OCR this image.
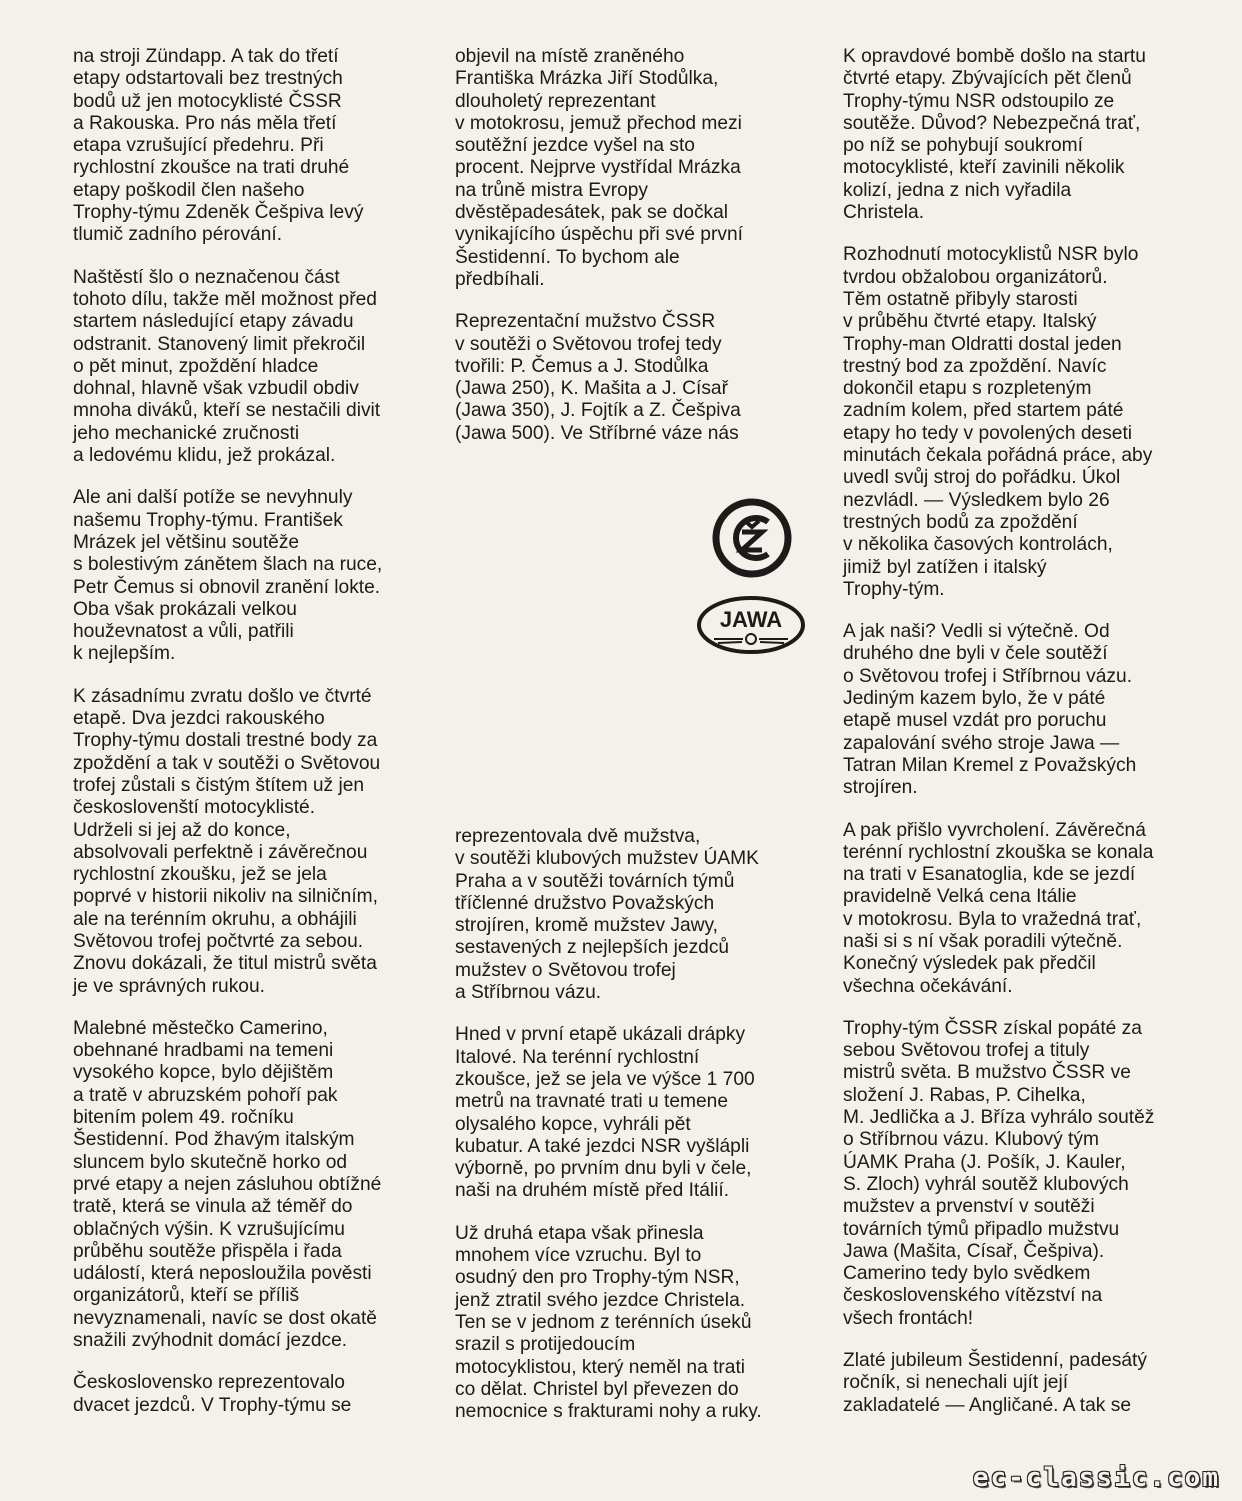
na stroji Zündapp. A tak do třetí
etapy odstartovali bez trestných
bodů už jen motocyklisté ČSSR
a Rakouska. Pro nás měla třetí
etapa vzrušující předehru. Při
rychlostní zkoušce na trati druhé
etapy poškodil člen našeho
Trophy-týmu Zdeněk Češpiva levý
tlumič zadního pérování.

Naštěstí šlo o neznačenou část
tohoto dílu, takže měl možnost před
startem následující etapy závadu
odstranit. Stanovený limit překročil
o pět minut, zpoždění hladce
dohnal, hlavně však vzbudil obdiv
mnoha diváků, kteří se nestačili divit
jeho mechanické zručnosti
a ledovému klidu, jež prokázal.

Ale ani další potíže se nevyhnuly
našemu Trophy-týmu. František
Mrázek jel většinu soutěže
s bolestivým zánětem šlach na ruce,
Petr Čemus si obnovil zranění lokte.
Oba však prokázali velkou
houževnatost a vůli, patřili
k nejlepším.

K zásadnímu zvratu došlo ve čtvrté
etapě. Dva jezdci rakouského
Trophy-týmu dostali trestné body za
zpoždění a tak v soutěži o Světovou
trofej zůstali s čistým štítem už jen
českoslovenští motocyklisté.
Udrželi si jej až do konce,
absolvovali perfektně i závěrečnou
rychlostní zkoušku, jež se jela
poprvé v historii nikoliv na silničním,
ale na terénním okruhu, a obhájili
Světovou trofej počtvrté za sebou.
Znovu dokázali, že titul mistrů světa
je ve správných rukou.

Malebné městečko Camerino,
obehnané hradbami na temeni
vysokého kopce, bylo dějištěm
a tratě v abruzském pohoří pak
bitením polem 49. ročníku
Šestidenní. Pod žhavým italským
sluncem bylo skutečně horko od
prvé etapy a nejen zásluhou obtížné
tratě, která se vinula až téměř do
oblačných výšin. K vzrušujícímu
průběhu soutěže přispěla i řada
událostí, která neposloužila pověsti
organizátorů, kteří se příliš
nevyznamenali, navíc se dost okatě
snažili zvýhodnit domácí jezdce.

Československo reprezentovalo
dvacet jezdců. V Trophy-týmu se

objevil na místě zraněného
Františka Mrázka Jiří Stodůlka,
dlouholetý reprezentant
v motokrosu, jemuž přechod mezi
soutěžní jezdce vyšel na sto
procent. Nejprve vystřídal Mrázka
na trůně mistra Evropy
dvěstěpadesátek, pak se dočkal
vynikajícího úspěchu při své první
Šestidenní. To bychom ale
předbíhali.

Reprezentační mužstvo ČSSR
v soutěži o Světovou trofej tedy
tvořili: P. Čemus a J. Stodůlka
(Jawa 250), K. Mašita a J. Císař
(Jawa 350), J. Fojtík a Z. Češpiva
(Jawa 500). Ve Stříbrné váze nás

JAWA

reprezentovala dvě mužstva,
v soutěži klubových mužstev ÚAMK
Praha a v soutěži továrních týmů
tříčlenné družstvo Považských
strojíren, kromě mužstev Jawy,
sestavených z nejlepších jezdců
mužstev o Světovou trofej
a Stříbrnou vázu.

Hned v první etapě ukázali drápky
Italové. Na terénní rychlostní
zkoušce, jež se jela ve výšce 1 700
metrů na travnaté trati u temene
olysalého kopce, vyhráli pět
kubatur. A také jezdci NSR vyšlápli
výborně, po prvním dnu byli v čele,
naši na druhém místě před Itálií.

Už druhá etapa však přinesla
mnohem více vzruchu. Byl to
osudný den pro Trophy-tým NSR,
jenž ztratil svého jezdce Christela.
Ten se v jednom z terénních úseků
srazil s protijedoucím
motocyklistou, který neměl na trati
co dělat. Christel byl převezen do
nemocnice s frakturami nohy a ruky.

K opravdové bombě došlo na startu
čtvrté etapy. Zbývajících pět členů
Trophy-týmu NSR odstoupilo ze
soutěže. Důvod? Nebezpečná trať,
po níž se pohybují soukromí
motocyklisté, kteří zavinili několik
kolizí, jedna z nich vyřadila
Christela.

Rozhodnutí motocyklistů NSR bylo
tvrdou obžalobou organizátorů.
Těm ostatně přibyly starosti
v průběhu čtvrté etapy. Italský
Trophy-man Oldratti dostal jeden
trestný bod za zpoždění. Navíc
dokončil etapu s rozpleteným
zadním kolem, před startem páté
etapy ho tedy v povolených deseti
minutách čekala pořádná práce, aby
uvedl svůj stroj do pořádku. Úkol
nezvládl. — Výsledkem bylo 26
trestných bodů za zpoždění
v několika časových kontrolách,
jimiž byl zatížen i italský
Trophy-tým.

A jak naši? Vedli si výtečně. Od
druhého dne byli v čele soutěží
o Světovou trofej i Stříbrnou vázu.
Jediným kazem bylo, že v páté
etapě musel vzdát pro poruchu
zapalování svého stroje Jawa —
Tatran Milan Kremel z Považských
strojíren.

A pak přišlo vyvrcholení. Závěrečná
terénní rychlostní zkouška se konala
na trati v Esanatoglia, kde se jezdí
pravidelně Velká cena Itálie
v motokrosu. Byla to vražedná trať,
naši si s ní však poradili výtečně.
Konečný výsledek pak předčil
všechna očekávání.

Trophy-tým ČSSR získal popáté za
sebou Světovou trofej a tituly
mistrů světa. B mužstvo ČSSR ve
složení J. Rabas, P. Cihelka,
M. Jedlička a J. Bříza vyhrálo soutěž
o Stříbrnou vázu. Klubový tým
ÚAMK Praha (J. Pošík, J. Kauler,
S. Zloch) vyhrál soutěž klubových
mužstev a prvenství v soutěži
továrních týmů připadlo mužstvu
Jawa (Mašita, Císař, Češpiva).
Camerino tedy bylo svědkem
československého vítězství na
všech frontách!

Zlaté jubileum Šestidenní, padesátý
ročník, si nenechali ujít její
zakladatelé — Angličané. A tak se

ec-classic.com
